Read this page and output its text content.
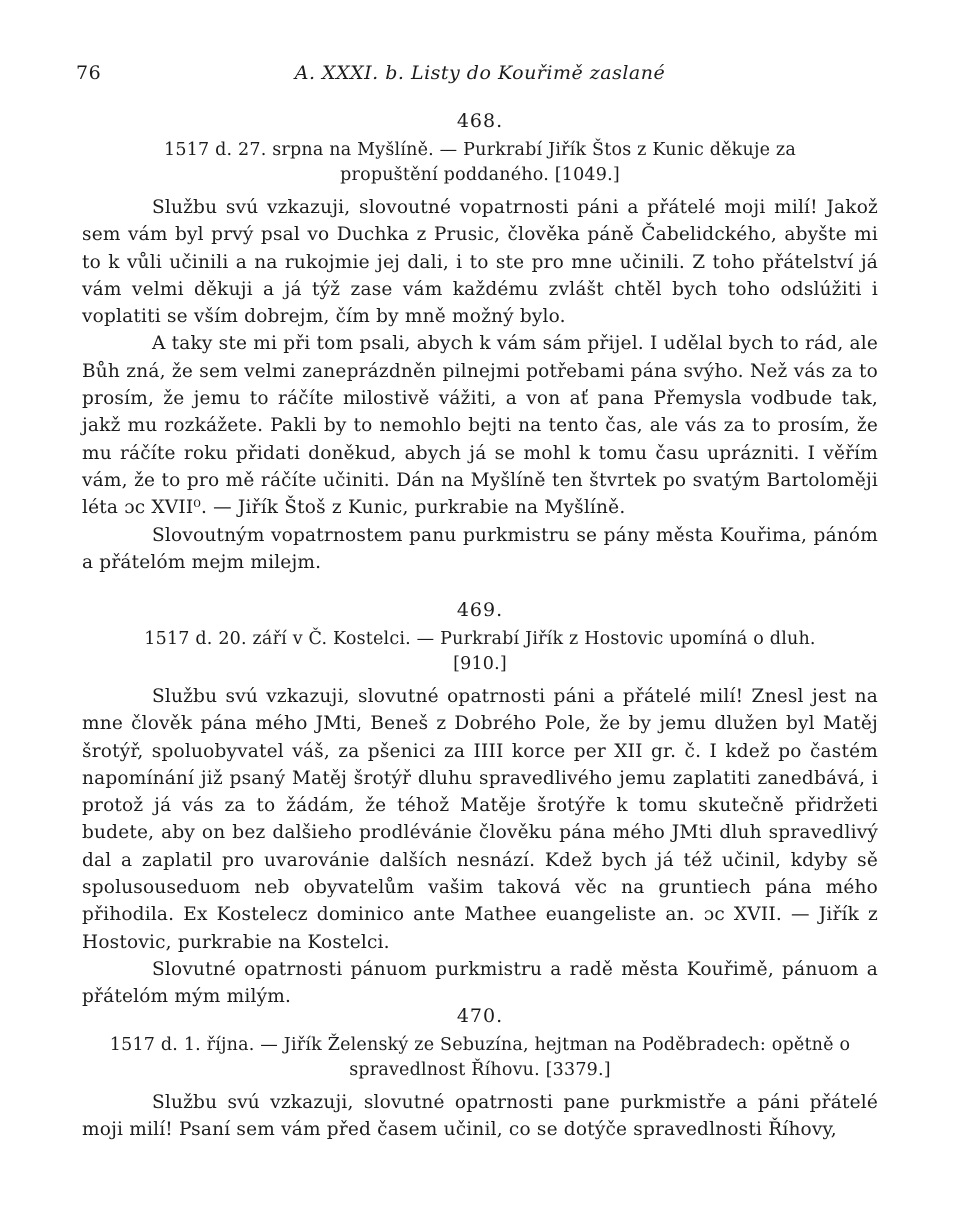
76	A. XXXI. b. Listy do Kouřimě zaslané
468.
1517 d. 27. srpna na Myšlíně. — Purkrabí Jiřík Štos z Kunic děkuje za propuštění poddaného. [1049.]

Službu svú vzkazuji, slovoutné vopatrnosti páni a přátelé moji milí! Jakož sem vám byl prvý psal vo Duchka z Prusic, člověka páně Čabelidckého, abyšte mi to k vůli učinili a na rukojmie jej dali, i to ste pro mne učinili. Z toho přátelství já vám velmi děkuji a já týž zase vám každému zvlášt chtěl bych toho odslúžiti i voplatiti se vším dobrejm, čím by mně možný bylo.

A taky ste mi při tom psali, abych k vám sám přijel. I udělal bych to rád, ale Bůh zná, že sem velmi zaneprázdněn pilnejmi potřebami pána svýho. Než vás za to prosím, že jemu to ráčíte milostivě vážiti, a von ať pana Přemysla vodbude tak, jakž mu rozkážete. Pakli by to nemohlo bejti na tento čas, ale vás za to prosím, že mu ráčíte roku přidati doněkud, abych já se mohl k tomu času uprázniti. I věřím vám, že to pro mě ráčíte učiniti. Dán na Myšlíně ten štvrtek po svatým Bartoloměji léta ɔc XVII⁰. — Jiřík Štoš z Kunic, purkrabie na Myšlíně.

Slovoutným vopatrnostem panu purkmistru se pány města Kouřima, pánóm a přátelóm mejm milejm.

469.
1517 d. 20. září v Č. Kostelci. — Purkrabí Jiřík z Hostovic upomíná o dluh. [910.]

Službu svú vzkazuji, slovutné opatrnosti páni a přátelé milí! Znesl jest na mne člověk pána mého JMti, Beneš z Dobrého Pole, že by jemu dlužen byl Matěj šrotýř, spoluobyvatel váš, za pšenici za IIII korce per XII gr. č. I kdež po častém napomínání již psaný Matěj šrotýř dluhu spravedlivého jemu zaplatiti zanedbává, i protož já vás za to žádám, že téhož Matěje šrotýře k tomu skutečně přidržeti budete, aby on bez dalšieho prodlévánie člověku pána mého JMti dluh spravedlivý dal a zaplatil pro uvarovánie dalších nesnází. Kdež bych já též učinil, kdyby sě spolusouseduom neb obyvatelům vašim taková věc na gruntiech pána mého přihodila. Ex Kostelecz dominico ante Mathee euangeliste an. ɔc XVII. — Jiřík z Hostovic, purkrabie na Kostelci.

Slovutné opatrnosti pánuom purkmistru a radě města Kouřimě, pánuom a přátelóm mým milým.

470.
1517 d. 1. října. — Jiřík Želenský ze Sebuzína, hejtman na Poděbradech: opětně o spravedlnost Říhovu. [3379.]

Službu svú vzkazuji, slovutné opatrnosti pane purkmistře a páni přátelé moji milí! Psaní sem vám před časem učinil, co se dotýče spravedlnosti Říhovy,
